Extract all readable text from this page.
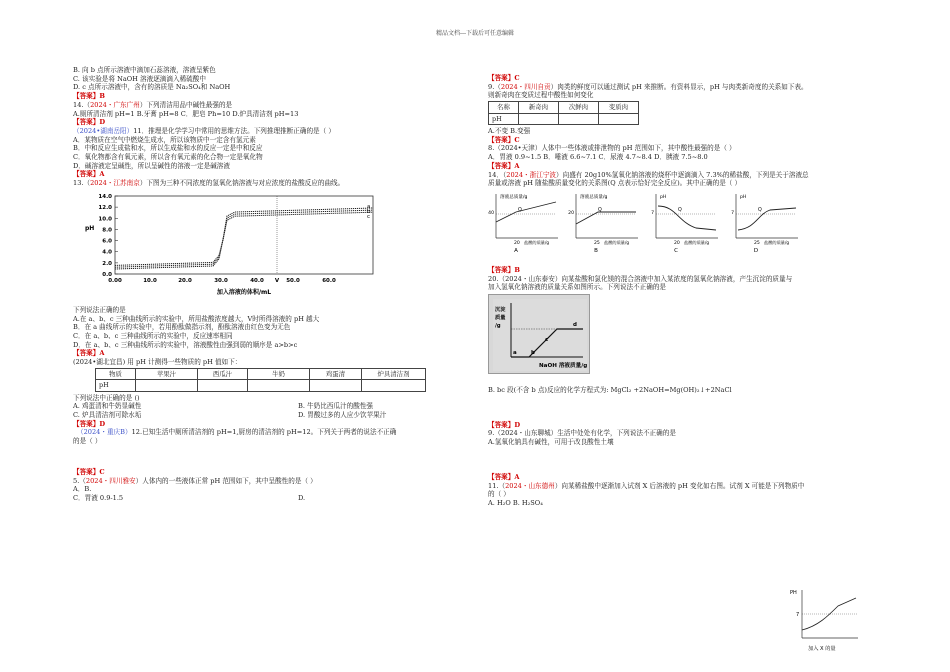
精品文档---下载后可任意编辑
B. 向 b 点所示溶液中滴加石蕊溶液，溶液呈紫色
C. 该实验是将 NaOH 溶液逐滴滴入稀硫酸中
D. c 点所示溶液中，含有的溶质是 Na₂SO₄和 NaOH
【答案】B
14.（2024・广东广州）下列清洁用品中碱性最强的是
A.厕所清洁剂 pH=1 B.牙膏 pH=8 C．肥皂 Ph=10 D.炉具清洁剂 pH=13
【答案】D
（2024•湖南岳阳）11．推理是化学学习中常用的思维方法。下列推理推断正确的是（ ）
A．某物质在空气中燃烧生成水，所以该物质中一定含有氢元素
B．中和反应生成盐和水，所以生成盐和水的反应一定是中和反应
C．氧化物都含有氧元素，所以含有氧元素的化合物一定是氧化物
D．碱溶液定呈碱性，所以呈碱性的溶液一定是碱溶液
【答案】A
13.（2024・江苏南京）下图为三种不同浓度的氢氧化钠溶液与对应浓度的盐酸反应的曲线。
14.0
12.0
10.0
8.0
6.0
4.0
2.0
0.0
pH
0.00	10.0	20.0	30.0	40.0 V 50.0	60.0
加入溶液的体积/mL
a
b
c
下列说法正确的是
A.在 a、b、c 三种曲线所示的实验中，所用盐酸浓度越大，V时所得溶液的 pH 越大
B．在 a 曲线所示的实验中，若用酚酞做指示剂，酚酞溶液由红色变为无色
C．在 a、b、c 三种曲线所示的实验中，反应速率相同
D．在 a、b、c 三种曲线所示的实验中，溶液酸性由强到弱的顺序是 a>b>c
【答案】A
(2024•湖北宜昌) 用 pH 计测得一些物质的 pH 值如下：
物质	苹果汁	西瓜汁	牛奶	鸡蛋清	炉具清洁剂
pH					
下列说法中正确的是 ()
A. 鸡蛋清和牛奶显碱性	B. 牛奶比西瓜汁的酸性强
C. 炉具清洁剂可除水垢	D. 胃酸过多的人应少饮苹果汁
【答案】D
（2024・重庆B）12.已知生活中厕所清洁剂的 pH=1,厨房的清洁剂的 pH=12。下列关于两者的说法不正确
的是（ ）
【答案】C
5.（2024・四川雅安）人体内的一些液体正常 pH 范围如下，其中呈酸性的是（ ）
A．B.
C．胃液 0.9-1.5	D.
【答案】C
9.（2024・四川自贡）肉类的鲜度可以通过测试 pH 来推断。有资料显示，pH 与肉类新奇度的关系如下表。
则新奇肉在变质过程中酸性如何变化
名称	新奇肉	次鲜肉	变质肉
pH			
A.不变 B.变强
【答案】C
8.（2024•天津）人体中一些体液或排泄物的 pH 范围如下，其中酸性最强的是（ ）
A．胃液 0.9~1.5 B．唾液 6.6~7.1 C．尿液 4.7~8.4 D．胰液 7.5~8.0
【答案】A
14．（2024・浙江宁波）向盛有 20g10%氢氧化钠溶液的烧杯中逐滴滴入 7.3%的稀盐酸，下列是关于溶液总
质量或溶液 pH 随盐酸质量变化的关系图(Q 点表示恰好完全反应)。其中正确的是（ ）
溶液总质量/g
40
20 盐酸的质量/g
A
Q
溶液总质量/g
20
25 盐酸的质量/g
B
Q
pH
7
20 盐酸的质量/g
C
Q
pH
7
25 盐酸的质量/g
D
Q
【答案】B
20.（2024・山东泰安）向某盐酸和氯化镁的混合溶液中加入某浓度的氢氧化钠溶液，产生沉淀的质量与
加入氢氧化钠溶液的质量关系如图所示。下列说法不正确的是
沉淀
质量
/g
NaOH 溶液质量/g
a	b
c
d
B. bc 段(不含 b 点)反应的化学方程式为: MgCl₂ +2NaOH=Mg(OH)₂↓+2NaCl
【答案】D
9.（2024・山东聊城）生活中处处有化学，下列说法不正确的是
A.氢氧化钠具有碱性，可用于改良酸性土壤
【答案】A
11.（2024・山东德州）向某稀盐酸中逐渐加入试剂 X 后溶液的 pH 变化如右图。试剂 X 可能是下列物质中
的（ ）
A. H₂O B. H₂SO₄
PH
7
加入 X 的量
